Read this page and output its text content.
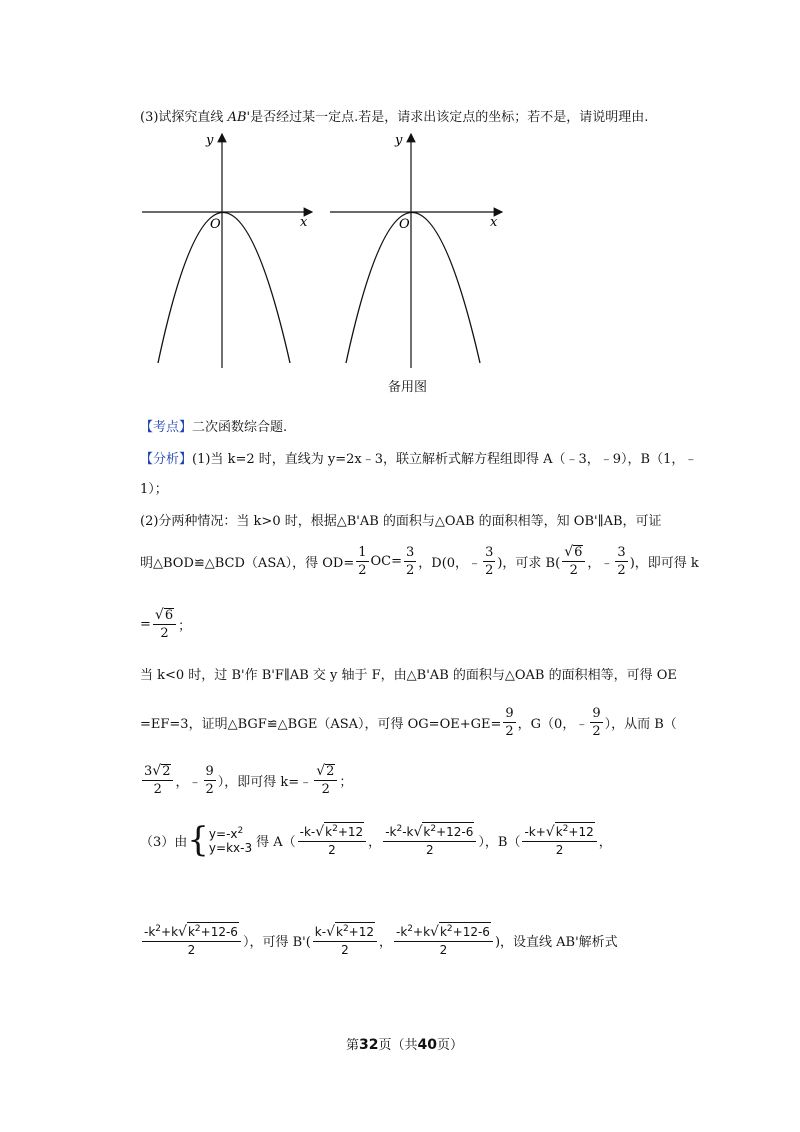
(3)试探究直线 AB'是否经过某一定点.若是，请求出该定点的坐标；若不是，请说明理由.
y
x
O
y
x
O
备用图
【考点】二次函数综合题.
【分析】(1)当 k=2 时，直线为 y=2x﹣3，联立解析式解方程组即得 A（﹣3，﹣9），B（1，﹣
1）；
(2)分两种情况：当 k>0 时，根据△B'AB 的面积与△OAB 的面积相等，知 OB'∥AB，可证
明△BOD≌△BCD（ASA），得 $OD= \frac{1}{2} OC= \frac{3}{2}$ ，D(0，﹣ $\frac{3}{2}$ )，可求 $B( \frac{√ 6}{2}$ ，﹣ $\frac{3}{2}$ )，即可得 k
= $\frac{√ 6}{2}$ ；
当 k<0 时，过 B'作 B'F∥AB 交 y 轴于 F，由△B'AB 的面积与△OAB 的面积相等，可得 OE
=EF=3，证明△BGF≌△BGE（ASA），可得 $OG=OE+GE= \frac{9}{2}$ ，G（0，﹣ $\frac{9}{2}$ ），从而 B（
$\frac{3 √ 2}{2}$ ，﹣ $\frac{9}{2}$ ），即可得 k=﹣ $\frac{√ 2}{2}$ ；
（3）由 { $y=-x^2$
y=kx-3 得 $A( \frac{-k- √ k^2+12}{2}$ ， $\frac{-k^2-k √ k^2+12-6}{2}$ ），$B( \frac{-k+ √ k^2+12}{2}$ ，
$\frac{-k^2+k √ k^2+12-6}{2}$ ），可得 $B'( \frac{k- √ k^2+12}{2}$ ， $\frac{-k^2+k √ k^2+12-6}{2}$ )，设直线 AB'解析式
第32页（共40页）
